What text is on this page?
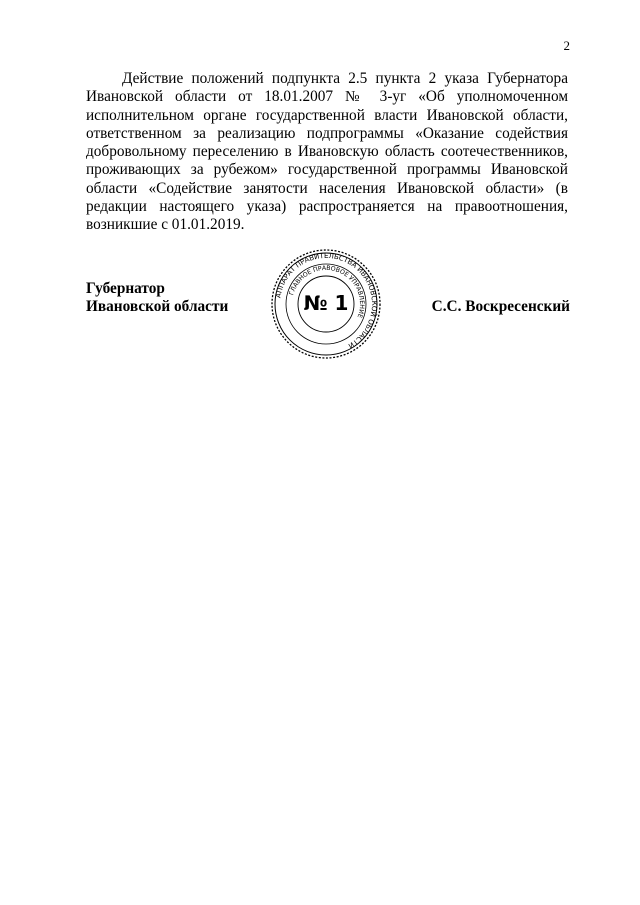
2

Действие положений подпункта 2.5 пункта 2 указа Губернатора Ивановской области от 18.01.2007 № 3-уг «Об уполномоченном исполнительном органе государственной власти Ивановской области, ответственном за реализацию подпрограммы «Оказание содействия добровольному переселению в Ивановскую область соотечественников, проживающих за рубежом» государственной программы Ивановской области «Содействие занятости населения Ивановской области» (в редакции настоящего указа) распространяется на правоотношения, возникшие с 01.01.2019.

Губернатор
Ивановской области
АППАРАТ ПРАВИТЕЛЬСТВА ИВАНОВСКОЙ ОБЛАСТИ
ГЛАВНОЕ ПРАВОВОЕ УПРАВЛЕНИЕ
№ 1	С.С. Воскресенский
